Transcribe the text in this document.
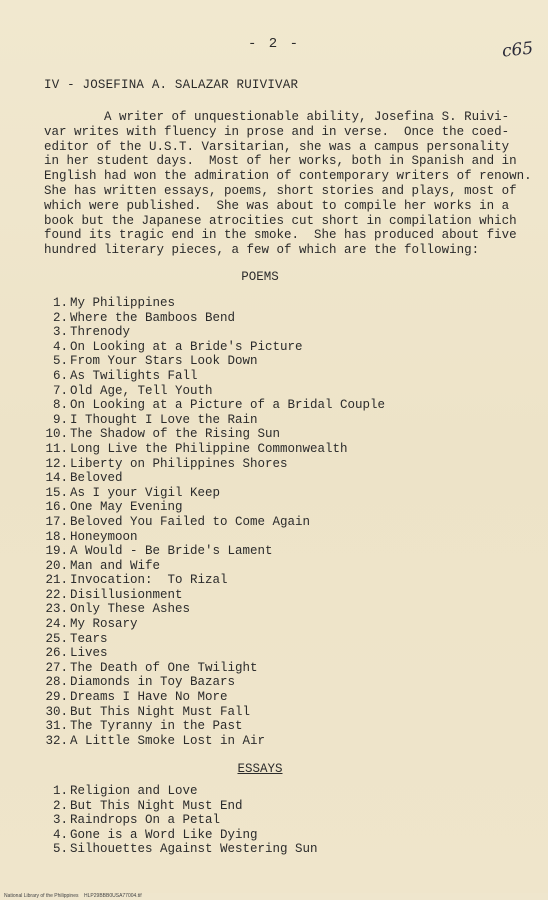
- 2 -	c65
IV - JOSEFINA A. SALAZAR RUIVIVAR

A writer of unquestionable ability, Josefina S. Ruivi-
var writes with fluency in prose and in verse.  Once the coed-
editor of the U.S.T. Varsitarian, she was a campus personality
in her student days.  Most of her works, both in Spanish and in
English had won the admiration of contemporary writers of renown.
She has written essays, poems, short stories and plays, most of
which were published.  She was about to compile her works in a
book but the Japanese atrocities cut short in compilation which
found its tragic end in the smoke.  She has produced about five
hundred literary pieces, a few of which are the following:

POEMS
1. My Philippines
2. Where the Bamboos Bend
3. Threnody
4. On Looking at a Bride's Picture
5. From Your Stars Look Down
6. As Twilights Fall
7. Old Age, Tell Youth
8. On Looking at a Picture of a Bridal Couple
9. I Thought I Love the Rain
10. The Shadow of the Rising Sun
11. Long Live the Philippine Commonwealth
12. Liberty on Philippines Shores
14. Beloved
15. As I your Vigil Keep
16. One May Evening
17. Beloved You Failed to Come Again
18. Honeymoon
19. A Would - Be Bride's Lament
20. Man and Wife
21. Invocation:  To Rizal
22. Disillusionment
23. Only These Ashes
24. My Rosary
25. Tears
26. Lives
27. The Death of One Twilight
28. Diamonds in Toy Bazars
29. Dreams I Have No More
30. But This Night Must Fall
31. The Tyranny in the Past
32. A Little Smoke Lost in Air
ESSAYS
1. Religion and Love
2. But This Night Must End
3. Raindrops On a Petal
4. Gone is a Word Like Dying
5. Silhouettes Against Westering Sun
National Library of the Philippines    HLP29BBB0USA77004.tif
